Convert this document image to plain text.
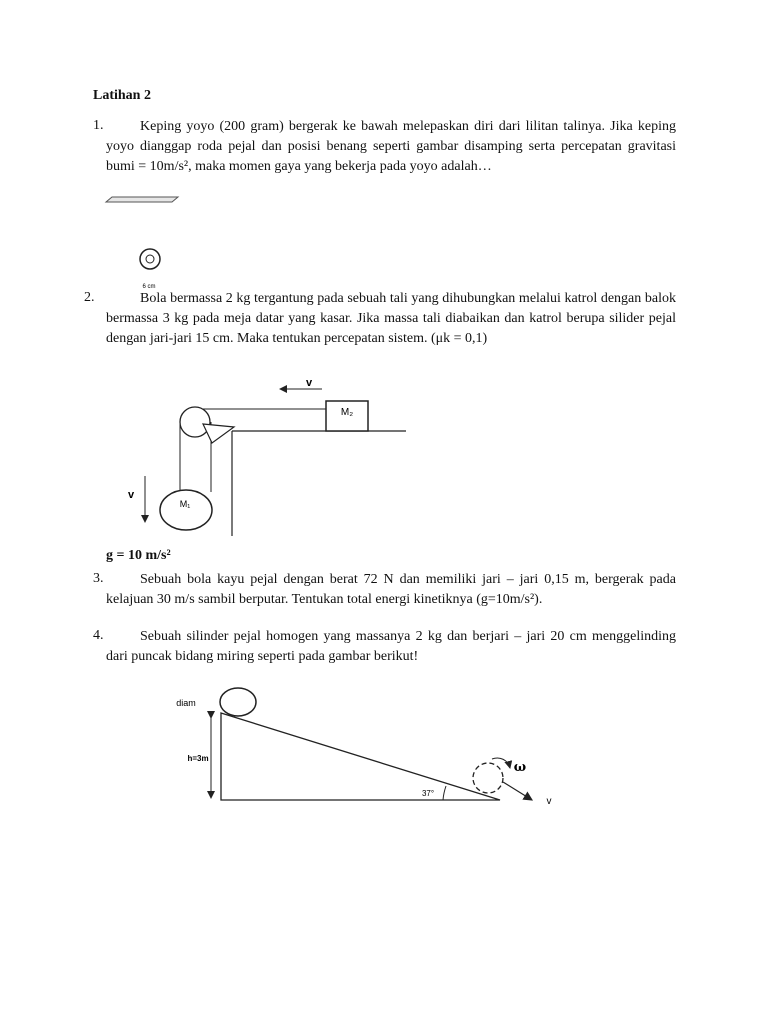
Latihan 2
1.	Keping yoyo (200 gram) bergerak ke bawah melepaskan diri dari lilitan talinya. Jika keping yoyo dianggap roda pejal dan posisi benang seperti gambar disamping serta percepatan gravitasi bumi = 10m/s², maka momen gaya yang bekerja pada yoyo adalah…
2.	Bola bermassa 2 kg tergantung pada sebuah tali yang dihubungkan melalui katrol dengan balok bermassa 3 kg pada meja datar yang kasar. Jika massa tali diabaikan dan katrol berupa silider pejal dengan jari-jari 15 cm. Maka tentukan percepatan sistem. (μk = 0,1)
g = 10 m/s²
3.	Sebuah bola kayu pejal dengan berat 72 N dan memiliki jari – jari 0,15 m, bergerak pada kelajuan 30 m/s sambil berputar. Tentukan total energi kinetiknya (g=10m/s²).
4.	Sebuah silinder pejal homogen yang massanya 2 kg dan berjari – jari 20 cm menggelinding dari puncak bidang miring seperti pada gambar berikut!
6 cm
M₂
M₁
v
v
diam
h=3m
37°
ω
v
